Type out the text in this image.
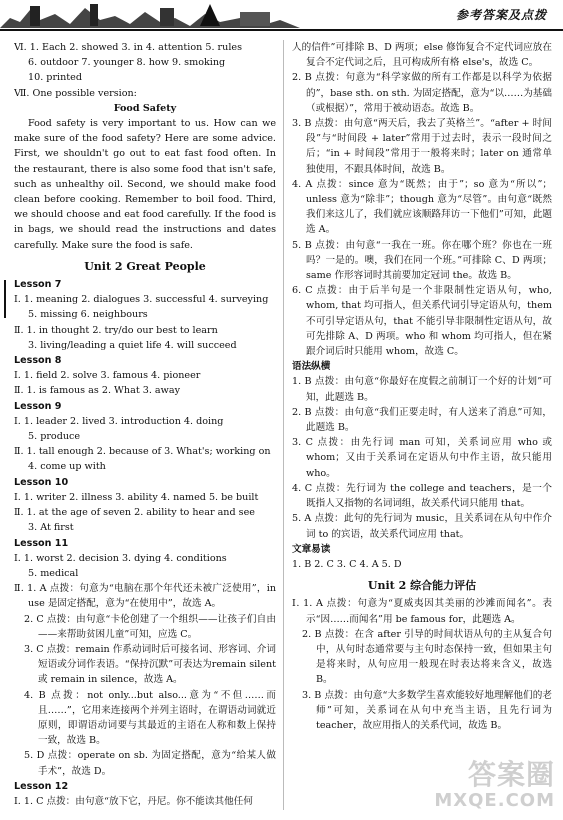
参考答案及点拨
Ⅵ. 1. Each 2. showed 3. in 4. attention 5. rules
6. outdoor 7. younger 8. how 9. smoking
10. printed
Ⅶ. One possible version:
Food Safety
Food safety is very important to us. How can we make sure of the food safety? Here are some advice. First, we shouldn't go out to eat fast food often. In the restaurant, there is also some food that isn't safe, such as unhealthy oil. Second, we should make food clean before cooking. Remember to boil food. Third, we should choose and eat food carefully. If the food is in bags, we should read the instructions and dates carefully. Make sure the food is safe.
Unit 2 Great People
Lesson 7
Ⅰ. 1. meaning 2. dialogues 3. successful 4. surveying
5. missing 6. neighbours
Ⅱ. 1. in thought 2. try/do our best to learn
3. living/leading a quiet life 4. will succeed
Lesson 8
Ⅰ. 1. field 2. solve 3. famous 4. pioneer
Ⅱ. 1. is famous as 2. What 3. away
Lesson 9
Ⅰ. 1. leader 2. lived 3. introduction 4. doing
5. produce
Ⅱ. 1. tall enough 2. because of 3. What's; working on
4. come up with
Lesson 10
Ⅰ. 1. writer 2. illness 3. ability 4. named 5. be built
Ⅱ. 1. at the age of seven 2. ability to hear and see
3. At first
Lesson 11
Ⅰ. 1. worst 2. decision 3. dying 4. conditions
5. medical
Ⅱ. 1. A 点拨：句意为“电脑在那个年代还未被广泛使用”，in use 是固定搭配，意为“在使用中”，故选 A。
2. C 点拨：由句意“卡伦创建了一个组织——让孩子们自由——来帮助贫困儿童”可知，应选 C。
3. C 点拨：remain 作系动词时后可接名词、形容词、介词短语或分词作表语。“保持沉默”可表达为remain silent 或 remain in silence，故选 A。
4. B 点拨：not only...but also...意为“不但……而且……”，它用来连接两个并列主语时，在谓语动词就近原则，即谓语动词要与其最近的主语在人称和数上保持一致，故选 B。
5. D 点拨：operate on sb. 为固定搭配，意为“给某人做手术”，故选 D。
Lesson 12
Ⅰ. 1. C 点拨：由句意“放下它，丹尼。你不能读其他任何
人的信件”可排除 B、D 两项；else 修饰复合不定代词应放在复合不定代词之后，且可构成所有格 else's，故选 C。
2. B 点拨：句意为“科学家做的所有工作都是以科学为依据的”，base sth. on sth. 为固定搭配，意为“以……为基础（或根据）”，常用于被动语态。故选 B。
3. B 点拨：由句意“两天后，我去了英格兰”。“after + 时间段”与“时间段 + later”常用于过去时，表示一段时间之后；“in + 时间段”常用于一般将来时；later on 通常单独使用，不跟具体时间，故选 B。
4. A 点拨：since 意为“既然；由于”；so 意为“所以”；unless 意为“除非”；though 意为“尽管”。由句意“既然我们来这儿了，我们就应该顺路拜访一下他们”可知，此题选 A。
5. B 点拨：由句意“一我在一班。你在哪个班？你也在一班吗？一是的。噢，我们在同一个班。”可排除 C、D 两项；same 作形容词时其前要加定冠词 the。故选 B。
6. C 点拨：由于后半句是一个非限制性定语从句，who, whom, that 均可指人，但关系代词引导定语从句，them 不可引导定语从句，that 不能引导非限制性定语从句，故可先排除 A、D 两项。who 和 whom 均可指人，但在紧跟介词后时只能用 whom，故选 C。
语法纵横
1. B 点拨：由句意“你最好在度假之前制订一个好的计划”可知，此题选 B。
2. B 点拨：由句意“我们正要走时，有人送来了消息”可知，此题选 B。
3. C 点拨：由先行词 man 可知，关系词应用 who 或 whom；又由于关系词在定语从句中作主语，故只能用 who。
4. C 点拨：先行词为 the college and teachers，是一个既指人又指物的名词词组，故关系代词只能用 that。
5. A 点拨：此句的先行词为 music，且关系词在从句中作介词 to 的宾语，故关系代词应用 that。
文章易读
1. B 2. C 3. C 4. A 5. D
Unit 2 综合能力评估
Ⅰ. 1. A 点拨：句意为“夏威夷因其美丽的沙滩而闻名”。表示“因……而闻名”用 be famous for，此题选 A。
2. B 点拨：在含 after 引导的时间状语从句的主从复合句中，从句时态通常要与主句时态保持一致，但如果主句是将来时，从句应用一般现在时表达将来含义，故选 B。
3. B 点拨：由句意“大多数学生喜欢能较好地理解他们的老师”可知，关系词在从句中充当主语，且先行词为 teacher，故应用指人的关系代词，故选 B。
答案圈
MXQE.COM
